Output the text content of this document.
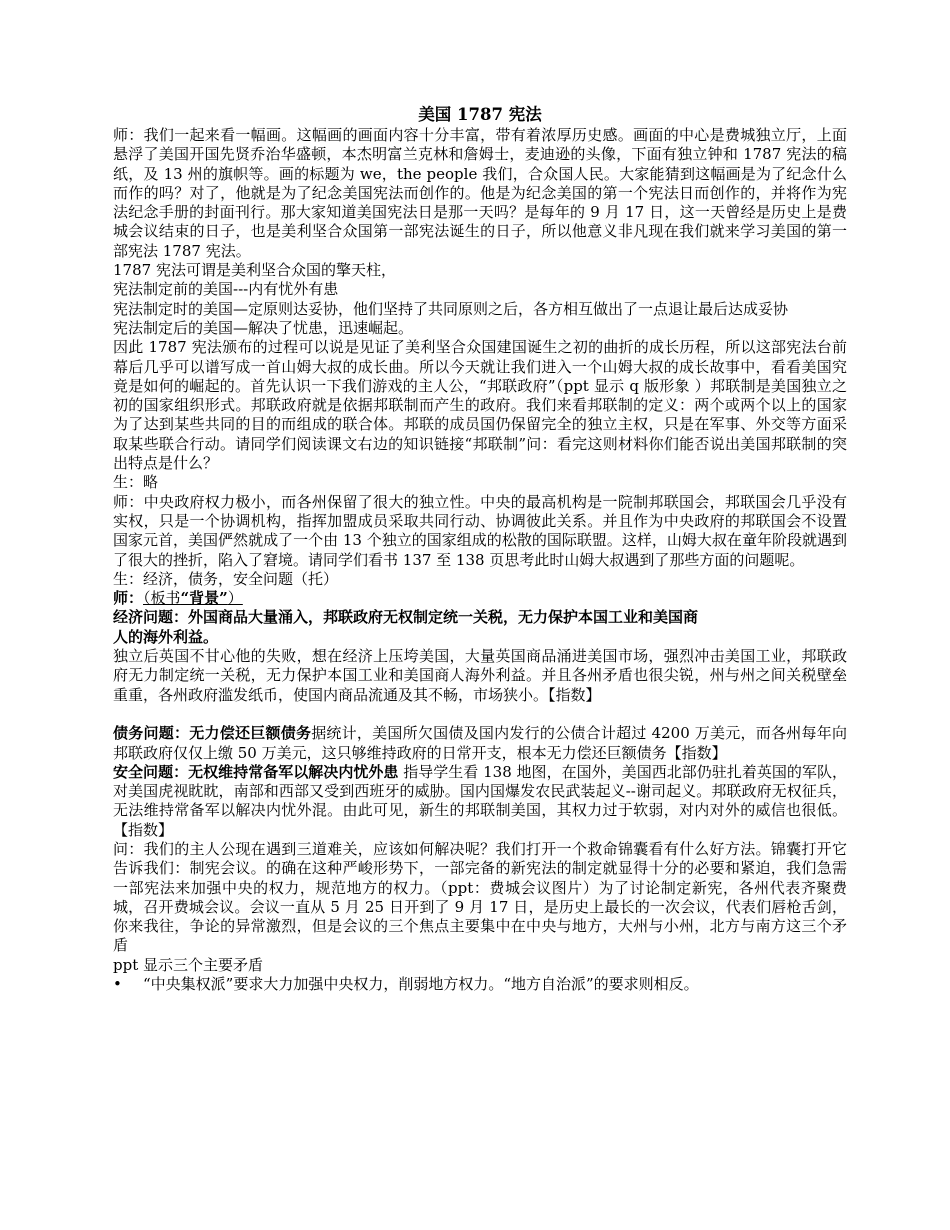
美国 1787 宪法

师：我们一起来看一幅画。这幅画的画面内容十分丰富，带有着浓厚历史感。画面的中心是费城独立厅，上面悬浮了美国开国先贤乔治华盛顿，本杰明富兰克林和詹姆士，麦迪逊的头像，下面有独立钟和 1787 宪法的稿纸，及 13 州的旗帜等。画的标题为 we，the people 我们，合众国人民。大家能猜到这幅画是为了纪念什么而作的吗？对了，他就是为了纪念美国宪法而创作的。他是为纪念美国的第一个宪法日而创作的，并将作为宪法纪念手册的封面刊行。那大家知道美国宪法日是那一天吗？是每年的 9 月 17 日，这一天曾经是历史上是费城会议结束的日子，也是美利坚合众国第一部宪法诞生的日子，所以他意义非凡现在我们就来学习美国的第一部宪法 1787 宪法。

1787 宪法可谓是美利坚合众国的擎天柱，

宪法制定前的美国---内有忧外有患

宪法制定时的美国—定原则达妥协，他们坚持了共同原则之后，各方相互做出了一点退让最后达成妥协

宪法制定后的美国—解决了忧患，迅速崛起。

因此 1787 宪法颁布的过程可以说是见证了美利坚合众国建国诞生之初的曲折的成长历程，所以这部宪法台前幕后几乎可以谱写成一首山姆大叔的成长曲。所以今天就让我们进入一个山姆大叔的成长故事中，看看美国究竟是如何的崛起的。首先认识一下我们游戏的主人公，“邦联政府”（ppt 显示 q 版形象 ）邦联制是美国独立之初的国家组织形式。邦联政府就是依据邦联制而产生的政府。我们来看邦联制的定义：两个或两个以上的国家为了达到某些共同的目的而组成的联合体。邦联的成员国仍保留完全的独立主权，只是在军事、外交等方面采取某些联合行动。请同学们阅读课文右边的知识链接“邦联制”问：看完这则材料你们能否说出美国邦联制的突出特点是什么？

生：略

师：中央政府权力极小，而各州保留了很大的独立性。中央的最高机构是一院制邦联国会，邦联国会几乎没有实权，只是一个协调机构，指挥加盟成员采取共同行动、协调彼此关系。并且作为中央政府的邦联国会不设置国家元首，美国俨然就成了一个由 13 个独立的国家组成的松散的国际联盟。这样，山姆大叔在童年阶段就遇到了很大的挫折，陷入了窘境。请同学们看书 137 至 138 页思考此时山姆大叔遇到了那些方面的问题呢。

生：经济，债务，安全问题（托）

师：（板书“背景”）

经济问题：外国商品大量涌入，邦联政府无权制定统一关税，无力保护本国工业和美国商人的海外利益。

独立后英国不甘心他的失败，想在经济上压垮美国，大量英国商品涌进美国市场，强烈冲击美国工业，邦联政府无力制定统一关税，无力保护本国工业和美国商人海外利益。并且各州矛盾也很尖锐，州与州之间关税壁垒重重，各州政府滥发纸币，使国内商品流通及其不畅，市场狭小。【指数】

债务问题：无力偿还巨额债务据统计，美国所欠国债及国内发行的公债合计超过 4200 万美元，而各州每年向邦联政府仅仅上缴 50 万美元，这只够维持政府的日常开支，根本无力偿还巨额债务【指数】

安全问题：无权维持常备军以解决内忧外患 指导学生看 138 地图，在国外，美国西北部仍驻扎着英国的军队，对美国虎视眈眈，南部和西部又受到西班牙的威胁。国内国爆发农民武装起义--谢司起义。邦联政府无权征兵，无法维持常备军以解决内忧外混。由此可见，新生的邦联制美国，其权力过于软弱，对内对外的威信也很低。【指数】

问：我们的主人公现在遇到三道难关，应该如何解决呢？我们打开一个救命锦囊看有什么好方法。锦囊打开它告诉我们：制宪会议。的确在这种严峻形势下，一部完备的新宪法的制定就显得十分的必要和紧迫，我们急需一部宪法来加强中央的权力，规范地方的权力。（ppt：费城会议图片）为了讨论制定新宪，各州代表齐聚费城，召开费城会议。会议一直从 5 月 25 日开到了 9 月 17 日，是历史上最长的一次会议，代表们唇枪舌剑，你来我往，争论的异常激烈，但是会议的三个焦点主要集中在中央与地方，大州与小州，北方与南方这三个矛盾

ppt 显示三个主要矛盾

•	“中央集权派”要求大力加强中央权力，削弱地方权力。“地方自治派”的要求则相反。
